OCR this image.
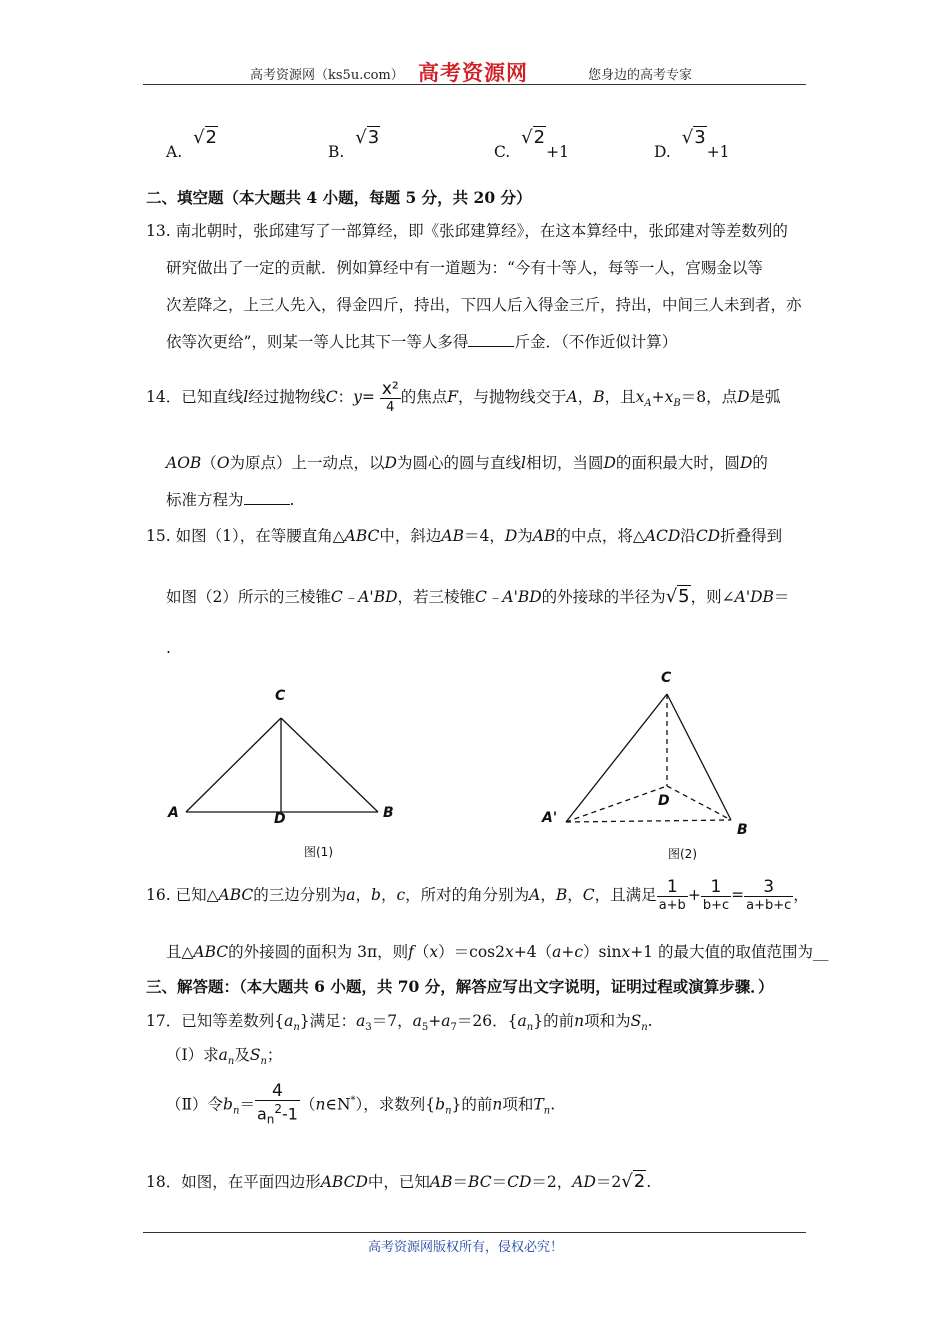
高考资源网（ks5u.com） 高考资源网	您身边的高考专家
A. √2
B. √3
C. √2+1	D. √3+1
二、填空题（本大题共 4 小题，每题 5 分，共 20 分）
13. 南北朝时，张邱建写了一部算经，即《张邱建算经》，在这本算经中，张邱建对等差数列的
研究做出了一定的贡献．例如算经中有一道题为：“今有十等人，每等一人，宫赐金以等
次差降之，上三人先入，得金四斤，持出，下四人后入得金三斤，持出，中间三人未到者，亦
依等次更给”，则某一等人比其下一等人多得	斤金．（不作近似计算）
14．已知直线l经过抛物线C：$y= \frac{\text{x²}}{4}$ 的焦点F，与抛物线交于A，B，且$x_A+x_B=8$，点D是弧
AOB（O为原点）上一动点，以D为圆心的圆与直线l相切，当圆D的面积最大时，圆D的
标准方程为	.
15. 如图（1），在等腰直角△ABC中，斜边AB＝4，D为AB的中点，将△ACD沿CD折叠得到
如图（2）所示的三棱锥C﹣A'BD，若三棱锥C﹣A'BD的外接球的半径为√5，则∠A'DB＝
.
C
A	D	B
图(1)
C
D
A'
B
图(2)
16. 已知△ABC的三边分别为a，b，c，所对的角分别为A，B，C，且满足 $\frac{1}{a+b} + \frac{1}{b+c} = \frac{3}{a+b+c}$ ，
且△ABC的外接圆的面积为 3π，则f（x）＝cos2x+4（a+c）sinx+1 的最大值的取值范围为__
三、解答题：（本大题共 6 小题，共 70 分，解答应写出文字说明，证明过程或演算步骤．）
17．已知等差数列$\{a_n\}$满足：$a_3=7$，$a_5+a_7=26$．$\{a_n\}$的前n项和为$S_n$.
（Ⅰ）求$a_n$及$S_n$；
（Ⅱ）令$b_n= \frac{4}{a_n^2-1}$ （n∈N*），求数列$\{b_n\}$的前n项和$T_n$.
18．如图，在平面四边形ABCD中，已知AB＝BC＝CD＝2，AD＝2√2.
高考资源网版权所有，侵权必究！
